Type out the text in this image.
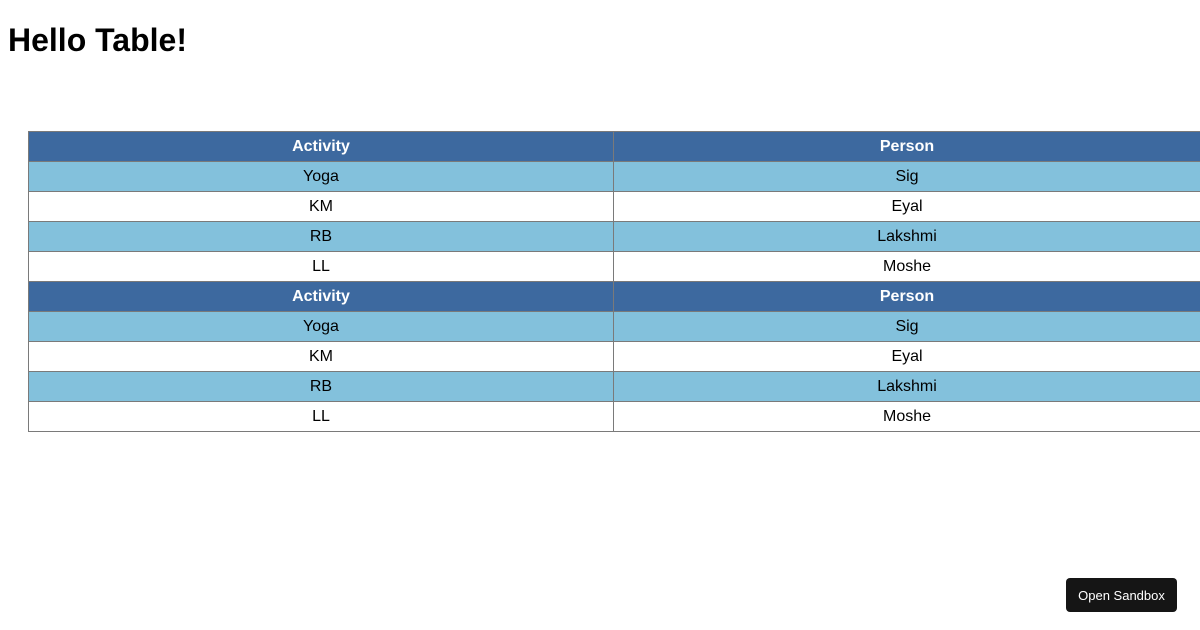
Hello Table!
Activity	Person
Yoga	Sig
KM	Eyal
RB	Lakshmi
LL	Moshe
Activity	Person
Yoga	Sig
KM	Eyal
RB	Lakshmi
LL	Moshe
Open Sandbox
